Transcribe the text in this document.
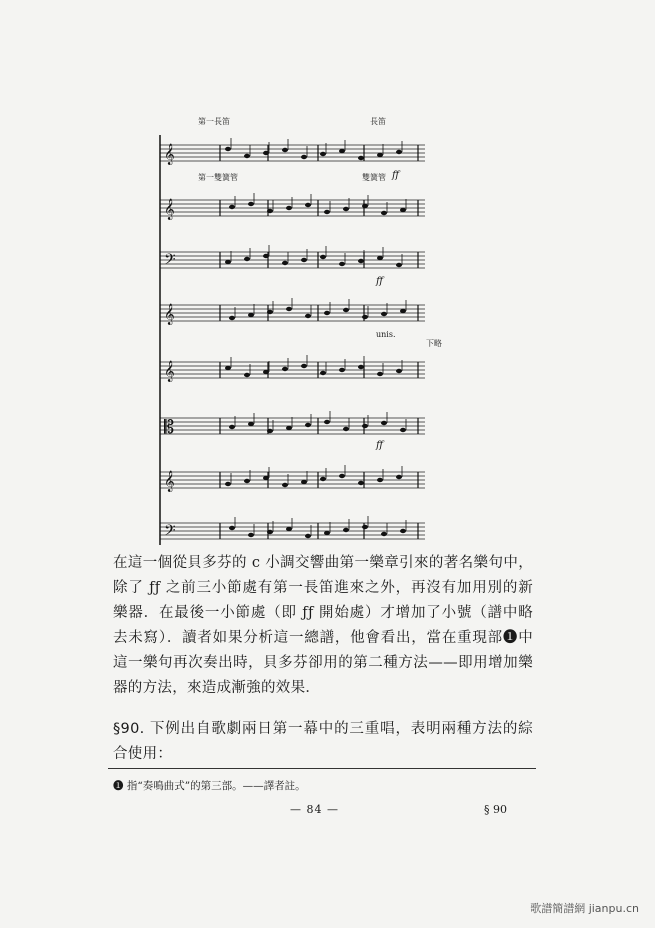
𝄞
𝄞
𝄢
𝄞
𝄞
𝄡
𝄞
𝄢
第一長笛	長笛
第一雙簧管	雙簧管 ff
ff
unis.
下略
ff

在這一個從貝多芬的 c 小調交響曲第一樂章引來的著名樂句中，除了 ƒƒ 之前三小節處有第一長笛進來之外，再沒有加用別的新樂器．在最後一小節處（即 ƒƒ 開始處）才增加了小號（譜中略去未寫）．讀者如果分析這一總譜，他會看出，當在重現部❶中這一樂句再次奏出時，貝多芬卻用的第二種方法——即用增加樂器的方法，來造成漸強的效果．

§90. 下例出自歌劇兩日第一幕中的三重唱，表明兩種方法的綜合使用：

❶ 指“奏鳴曲式”的第三部。——譯者註。
— 84 —	§ 90
歌譜簡譜網 jianpu.cn
